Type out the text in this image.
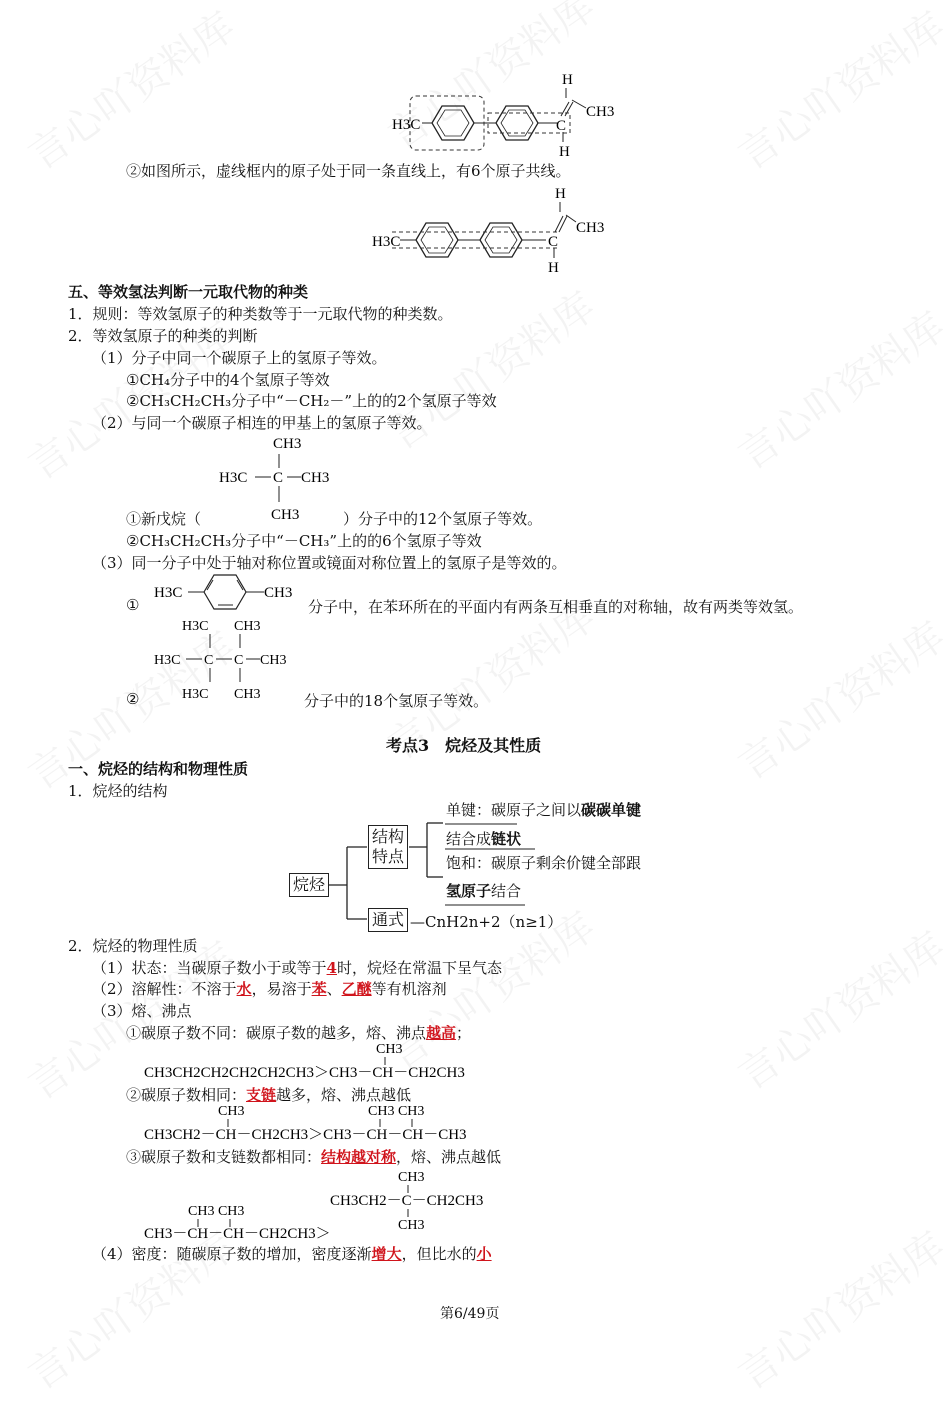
H
C
CH3
H
H3C
②如图所示，虚线框内的原子处于同一条直线上，有6个原子共线。
H
C
CH3
H
H3C
五、等效氢法判断一元取代物的种类
1．规则：等效氢原子的种类数等于一元取代物的种类数。
2．等效氢原子的种类的判断
（1）分子中同一个碳原子上的氢原子等效。
①CH₄分子中的4个氢原子等效
②CH₃CH₂CH₃分子中“－CH₂－”上的的2个氢原子等效
（2）与同一个碳原子相连的甲基上的氢原子等效。
CH3
H3C C CH3
CH3
①新戊烷（	）分子中的12个氢原子等效。
②CH₃CH₂CH₃分子中“－CH₃”上的的6个氢原子等效
（3）同一分子中处于轴对称位置或镜面对称位置上的氢原子是等效的。
①
H3C	CH3
分子中，在苯环所在的平面内有两条互相垂直的对称轴，故有两类等效氢。
②
H3C CH3
H3C C C CH3
H3C CH3	分子中的18个氢原子等效。
考点3　烷烃及其性质
一、烷烃的结构和物理性质
1．烷烃的结构
烷烃
结构
特点
通式
单键：碳原子之间以碳碳单键
结合成链状
饱和：碳原子剩余价键全部跟
氢原子结合
—CnH2n+2（n≥1）
2．烷烃的物理性质
（1）状态：当碳原子数小于或等于4时，烷烃在常温下呈气态
（2）溶解性：不溶于水，易溶于苯、乙醚等有机溶剂
（3）熔、沸点
①碳原子数不同：碳原子数的越多，熔、沸点越高；
CH3
CH3CH2CH2CH2CH2CH3＞CH3－CH－CH2CH3
②碳原子数相同：支链越多，熔、沸点越低
CH3	CH3 CH3
CH3CH2－CH－CH2CH3＞CH3－CH－CH－CH3
③碳原子数和支链数都相同：结构越对称，熔、沸点越低
CH3 CH3
CH3－CH－CH－CH2CH3＞
CH3
CH3CH2－C－CH2CH3
CH3
（4）密度：随碳原子数的增加，密度逐渐增大，但比水的小
第6/49页
